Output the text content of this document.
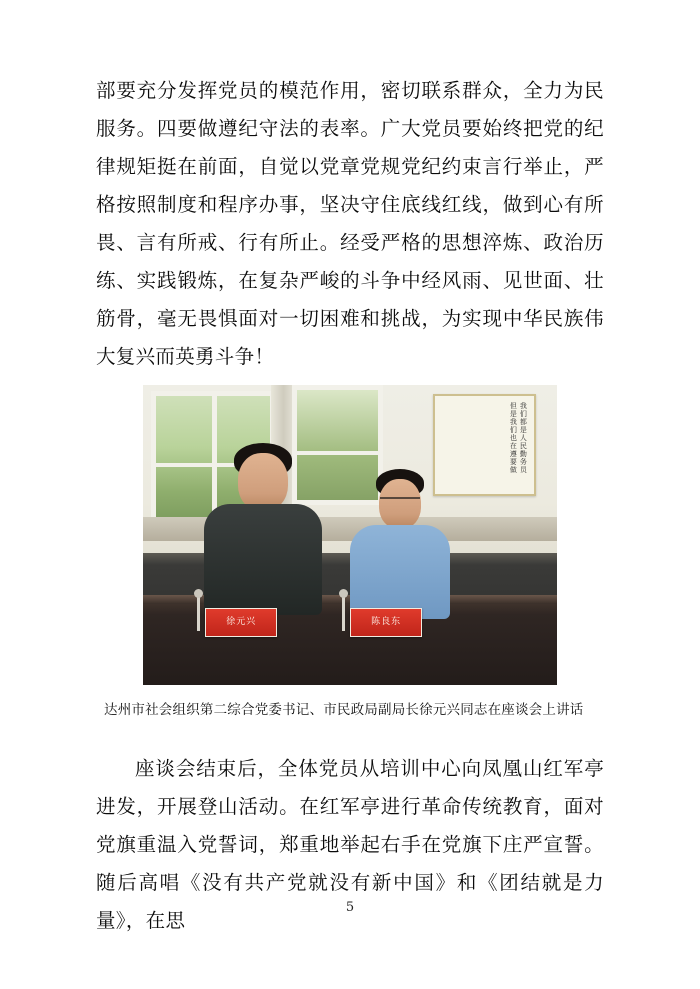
部要充分发挥党员的模范作用，密切联系群众，全力为民服务。四要做遵纪守法的表率。广大党员要始终把党的纪律规矩挺在前面，自觉以党章党规党纪约束言行举止，严格按照制度和程序办事，坚决守住底线红线，做到心有所畏、言有所戒、行有所止。经受严格的思想淬炼、政治历练、实践锻炼，在复杂严峻的斗争中经风雨、见世面、壮筋骨，毫无畏惧面对一切困难和挑战，为实现中华民族伟大复兴而英勇斗争！

我们都是人民勤务员　但是我们也在遵要做
徐元兴	陈良东
达州市社会组织第二综合党委书记、市民政局副局长徐元兴同志在座谈会上讲话

座谈会结束后，全体党员从培训中心向凤凰山红军亭进发，开展登山活动。在红军亭进行革命传统教育，面对党旗重温入党誓词，郑重地举起右手在党旗下庄严宣誓。随后高唱《没有共产党就没有新中国》和《团结就是力量》，在思

5
